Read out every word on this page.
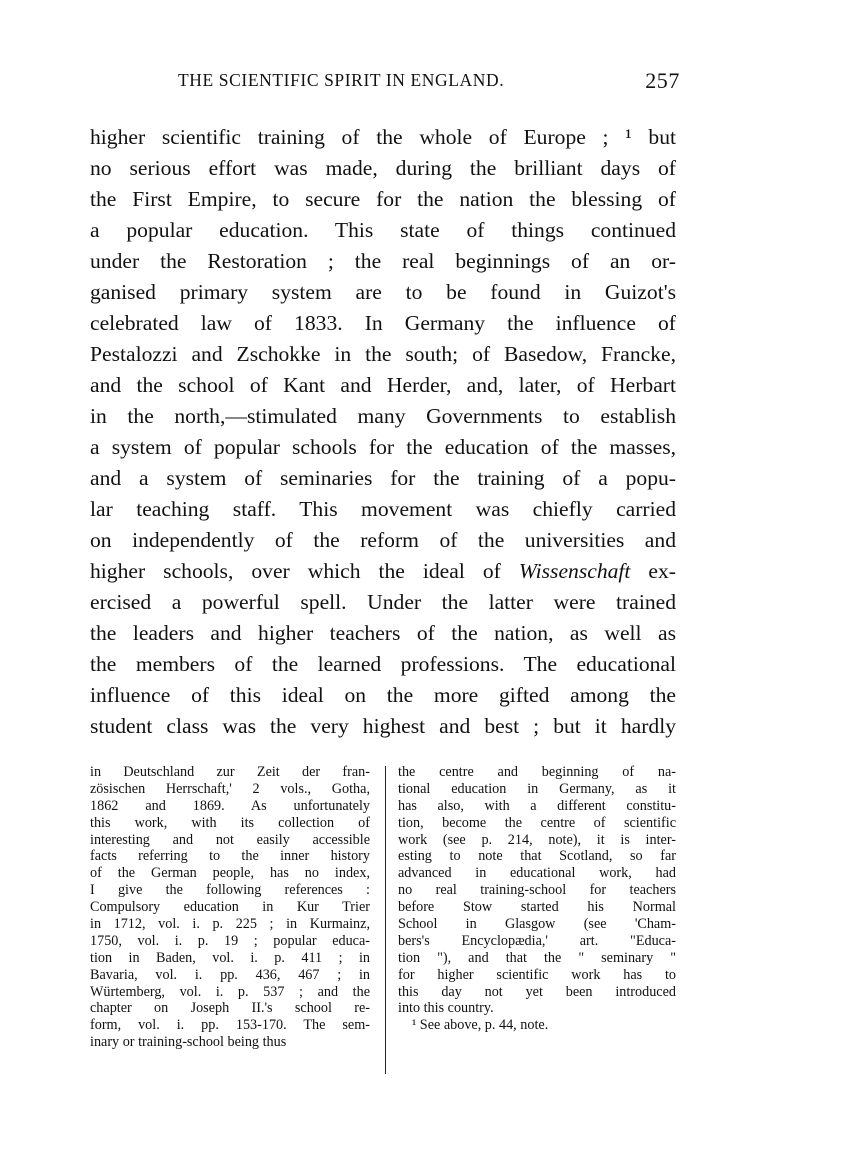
THE SCIENTIFIC SPIRIT IN ENGLAND.	257
higher scientific training of the whole of Europe ; ¹ but
no serious effort was made, during the brilliant days of
the First Empire, to secure for the nation the blessing of
a popular education. This state of things continued
under the Restoration ; the real beginnings of an or-
ganised primary system are to be found in Guizot's
celebrated law of 1833. In Germany the influence of
Pestalozzi and Zschokke in the south; of Basedow, Francke,
and the school of Kant and Herder, and, later, of Herbart
in the north,—stimulated many Governments to establish
a system of popular schools for the education of the masses,
and a system of seminaries for the training of a popu-
lar teaching staff. This movement was chiefly carried
on independently of the reform of the universities and
higher schools, over which the ideal of Wissenschaft ex-
ercised a powerful spell. Under the latter were trained
the leaders and higher teachers of the nation, as well as
the members of the learned professions. The educational
influence of this ideal on the more gifted among the
student class was the very highest and best ; but it hardly
in Deutschland zur Zeit der fran-
zösischen Herrschaft,' 2 vols., Gotha,
1862 and 1869. As unfortunately
this work, with its collection of
interesting and not easily accessible
facts referring to the inner history
of the German people, has no index,
I give the following references :
Compulsory education in Kur Trier
in 1712, vol. i. p. 225 ; in Kurmainz,
1750, vol. i. p. 19 ; popular educa-
tion in Baden, vol. i. p. 411 ; in
Bavaria, vol. i. pp. 436, 467 ; in
Würtemberg, vol. i. p. 537 ; and the
chapter on Joseph II.'s school re-
form, vol. i. pp. 153-170. The sem-
inary or training-school being thus
the centre and beginning of na-
tional education in Germany, as it
has also, with a different constitu-
tion, become the centre of scientific
work (see p. 214, note), it is inter-
esting to note that Scotland, so far
advanced in educational work, had
no real training-school for teachers
before Stow started his Normal
School in Glasgow (see 'Cham-
bers's Encyclopædia,' art. "Educa-
tion "), and that the " seminary "
for higher scientific work has to
this day not yet been introduced
into this country.
¹ See above, p. 44, note.
